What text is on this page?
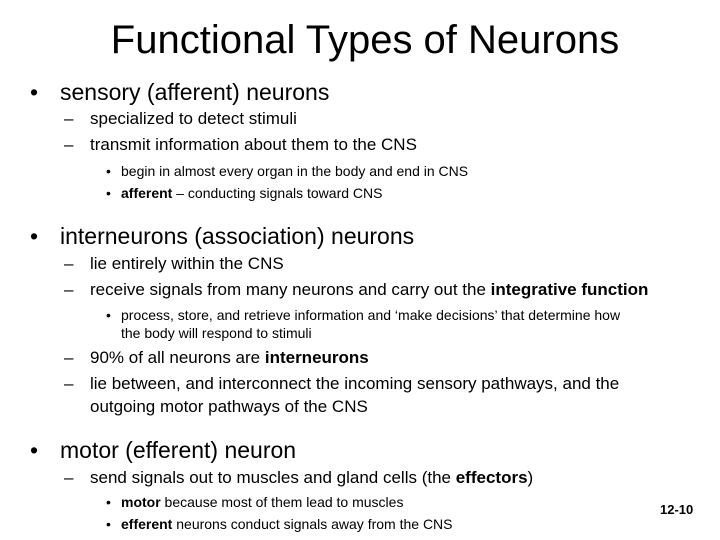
Functional Types of Neurons
• sensory (afferent) neurons
– specialized to detect stimuli
– transmit information about them to the CNS
• begin in almost every organ in the body and end in CNS
• afferent – conducting signals toward CNS
• interneurons (association) neurons
– lie entirely within the CNS
– receive signals from many neurons and carry out the integrative function
• process, store, and retrieve information and ‘make decisions’ that determine how
the body will respond to stimuli
– 90% of all neurons are interneurons
– lie between, and interconnect the incoming sensory pathways, and the
outgoing motor pathways of the CNS
• motor (efferent) neuron
– send signals out to muscles and gland cells (the effectors)
• motor because most of them lead to muscles
• efferent neurons conduct signals away from the CNS
12-10
